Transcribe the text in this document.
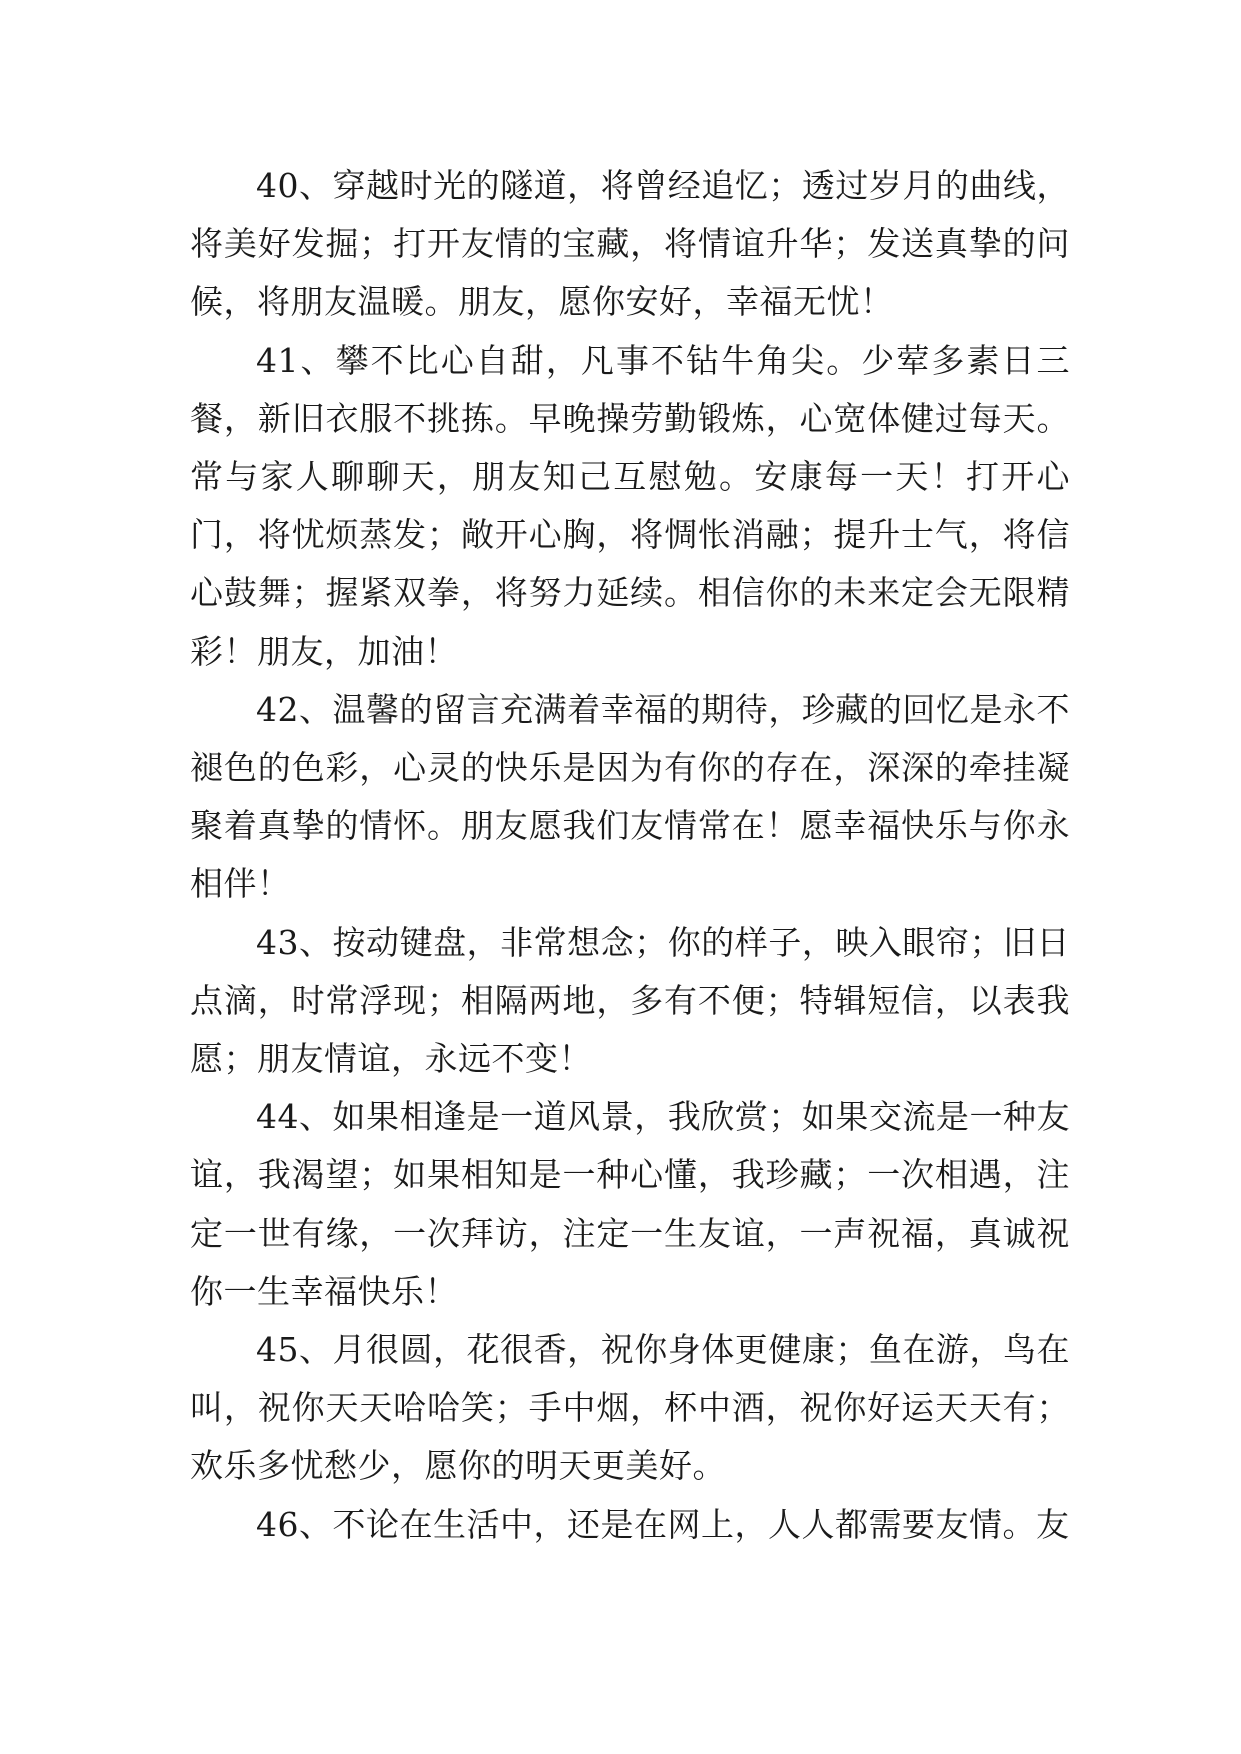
40、穿越时光的隧道，将曾经追忆；透过岁月的曲线，将美好发掘；打开友情的宝藏，将情谊升华；发送真挚的问候，将朋友温暖。朋友，愿你安好，幸福无忧！

41、攀不比心自甜，凡事不钻牛角尖。少荤多素日三餐，新旧衣服不挑拣。早晚操劳勤锻炼，心宽体健过每天。常与家人聊聊天，朋友知己互慰勉。安康每一天！打开心门，将忧烦蒸发；敞开心胸，将惆怅消融；提升士气，将信心鼓舞；握紧双拳，将努力延续。相信你的未来定会无限精彩！朋友，加油！

42、温馨的留言充满着幸福的期待，珍藏的回忆是永不褪色的色彩，心灵的快乐是因为有你的存在，深深的牵挂凝聚着真挚的情怀。朋友愿我们友情常在！愿幸福快乐与你永相伴！

43、按动键盘，非常想念；你的样子，映入眼帘；旧日点滴，时常浮现；相隔两地，多有不便；特辑短信，以表我愿；朋友情谊，永远不变！

44、如果相逢是一道风景，我欣赏；如果交流是一种友谊，我渴望；如果相知是一种心懂，我珍藏；一次相遇，注定一世有缘，一次拜访，注定一生友谊，一声祝福，真诚祝你一生幸福快乐！

45、月很圆，花很香，祝你身体更健康；鱼在游，鸟在叫，祝你天天哈哈笑；手中烟，杯中酒，祝你好运天天有；欢乐多忧愁少，愿你的明天更美好。

46、不论在生活中，还是在网上，人人都需要友情。友
